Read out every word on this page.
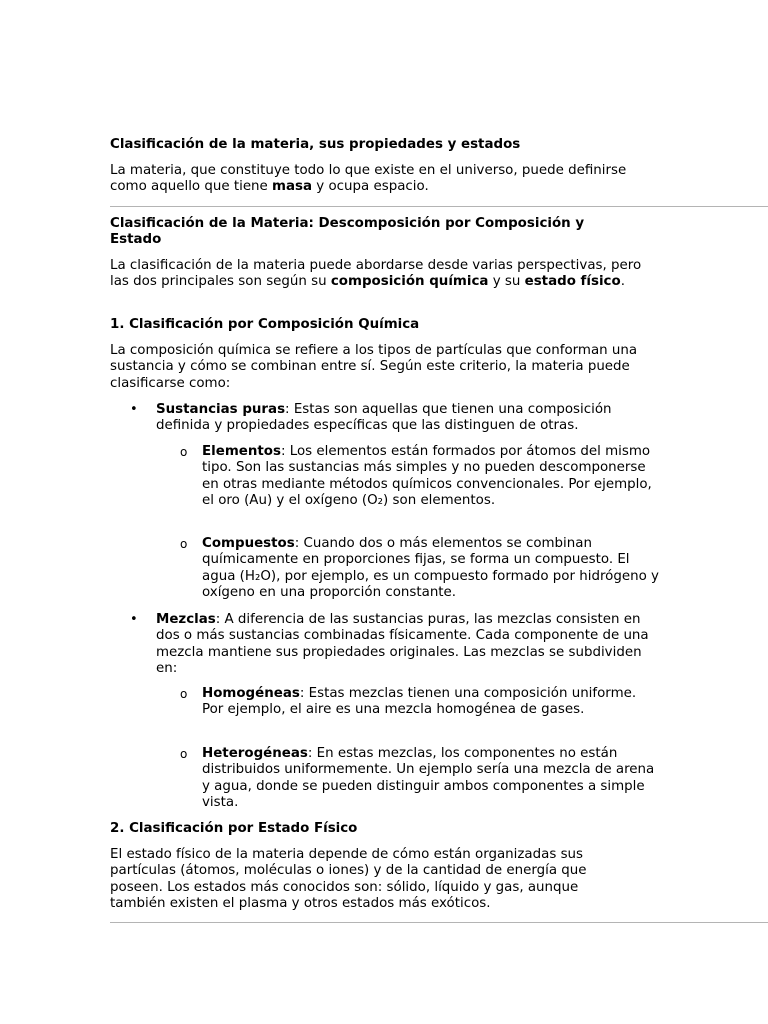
Clasificación de la materia, sus propiedades y estados

La materia, que constituye todo lo que existe en el universo, puede definirse como aquello que tiene masa y ocupa espacio.

Clasificación de la Materia: Descomposición por Composición y Estado

La clasificación de la materia puede abordarse desde varias perspectivas, pero las dos principales son según su composición química y su estado físico.

1. Clasificación por Composición Química

La composición química se refiere a los tipos de partículas que conforman una sustancia y cómo se combinan entre sí. Según este criterio, la materia puede clasificarse como:

• Sustancias puras: Estas son aquellas que tienen una composición definida y propiedades específicas que las distinguen de otras.
o Elementos: Los elementos están formados por átomos del mismo tipo. Son las sustancias más simples y no pueden descomponerse en otras mediante métodos químicos convencionales. Por ejemplo, el oro (Au) y el oxígeno (O₂) son elementos.
o Compuestos: Cuando dos o más elementos se combinan químicamente en proporciones fijas, se forma un compuesto. El agua (H₂O), por ejemplo, es un compuesto formado por hidrógeno y oxígeno en una proporción constante.
• Mezclas: A diferencia de las sustancias puras, las mezclas consisten en dos o más sustancias combinadas físicamente. Cada componente de una mezcla mantiene sus propiedades originales. Las mezclas se subdividen en:
o Homogéneas: Estas mezclas tienen una composición uniforme. Por ejemplo, el aire es una mezcla homogénea de gases.
o Heterogéneas: En estas mezclas, los componentes no están distribuidos uniformemente. Un ejemplo sería una mezcla de arena y agua, donde se pueden distinguir ambos componentes a simple vista.
2. Clasificación por Estado Físico

El estado físico de la materia depende de cómo están organizadas sus partículas (átomos, moléculas o iones) y de la cantidad de energía que poseen. Los estados más conocidos son: sólido, líquido y gas, aunque también existen el plasma y otros estados más exóticos.
